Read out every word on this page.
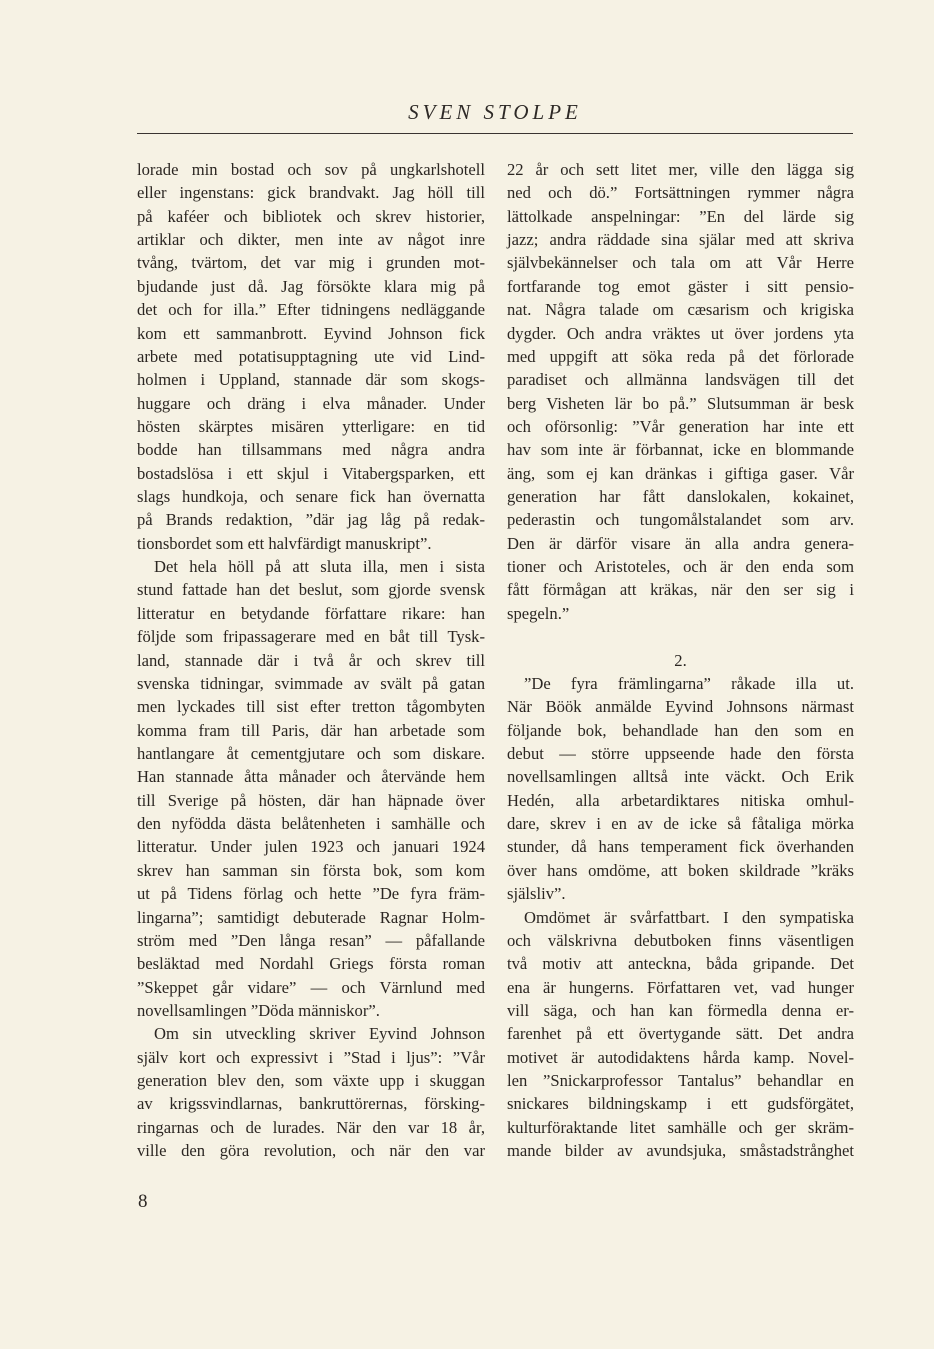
SVEN STOLPE
lorade min bostad och sov på ungkarlshotell
eller ingenstans: gick brandvakt. Jag höll till
på kaféer och bibliotek och skrev historier,
artiklar och dikter, men inte av något inre
tvång, tvärtom, det var mig i grunden mot-
bjudande just då. Jag försökte klara mig på
det och for illa.” Efter tidningens nedläggande
kom ett sammanbrott. Eyvind Johnson fick
arbete med potatisupptagning ute vid Lind-
holmen i Uppland, stannade där som skogs-
huggare och dräng i elva månader. Under
hösten skärptes misären ytterligare: en tid
bodde han tillsammans med några andra
bostadslösa i ett skjul i Vitabergsparken, ett
slags hundkoja, och senare fick han övernatta
på Brands redaktion, ”där jag låg på redak-
tionsbordet som ett halvfärdigt manuskript”.
Det hela höll på att sluta illa, men i sista
stund fattade han det beslut, som gjorde svensk
litteratur en betydande författare rikare: han
följde som fripassagerare med en båt till Tysk-
land, stannade där i två år och skrev till
svenska tidningar, svimmade av svält på gatan
men lyckades till sist efter tretton tågombyten
komma fram till Paris, där han arbetade som
hantlangare åt cementgjutare och som diskare.
Han stannade åtta månader och återvände hem
till Sverige på hösten, där han häpnade över
den nyfödda dästa belåtenheten i samhälle och
litteratur. Under julen 1923 och januari 1924
skrev han samman sin första bok, som kom
ut på Tidens förlag och hette ”De fyra främ-
lingarna”; samtidigt debuterade Ragnar Holm-
ström med ”Den långa resan” — påfallande
besläktad med Nordahl Griegs första roman
”Skeppet går vidare” — och Värnlund med
novellsamlingen ”Döda människor”.
Om sin utveckling skriver Eyvind Johnson
själv kort och expressivt i ”Stad i ljus”: ”Vår
generation blev den, som växte upp i skuggan
av krigssvindlarnas, bankruttörernas, försking-
ringarnas och de lurades. När den var 18 år,
ville den göra revolution, och när den var
22 år och sett litet mer, ville den lägga sig
ned och dö.” Fortsättningen rymmer några
lättolkade anspelningar: ”En del lärde sig
jazz; andra räddade sina själar med att skriva
självbekännelser och tala om att Vår Herre
fortfarande tog emot gäster i sitt pensio-
nat. Några talade om cæsarism och krigiska
dygder. Och andra vräktes ut över jordens yta
med uppgift att söka reda på det förlorade
paradiset och allmänna landsvägen till det
berg Visheten lär bo på.” Slutsumman är besk
och oförsonlig: ”Vår generation har inte ett
hav som inte är förbannat, icke en blommande
äng, som ej kan dränkas i giftiga gaser. Vår
generation har fått danslokalen, kokainet,
pederastin och tungomålstalandet som arv.
Den är därför visare än alla andra genera-
tioner och Aristoteles, och är den enda som
fått förmågan att kräkas, när den ser sig i
spegeln.”
2.
”De fyra främlingarna” råkade illa ut.
När Böök anmälde Eyvind Johnsons närmast
följande bok, behandlade han den som en
debut — större uppseende hade den första
novellsamlingen alltså inte väckt. Och Erik
Hedén, alla arbetardiktares nitiska omhul-
dare, skrev i en av de icke så fåtaliga mörka
stunder, då hans temperament fick överhanden
över hans omdöme, att boken skildrade ”kräks
själsliv”.
Omdömet är svårfattbart. I den sympatiska
och välskrivna debutboken finns väsentligen
två motiv att anteckna, båda gripande. Det
ena är hungerns. Författaren vet, vad hunger
vill säga, och han kan förmedla denna er-
farenhet på ett övertygande sätt. Det andra
motivet är autodidaktens hårda kamp. Novel-
len ”Snickarprofessor Tantalus” behandlar en
snickares bildningskamp i ett gudsförgätet,
kulturföraktande litet samhälle och ger skräm-
mande bilder av avundsjuka, småstadstrånghet
8
